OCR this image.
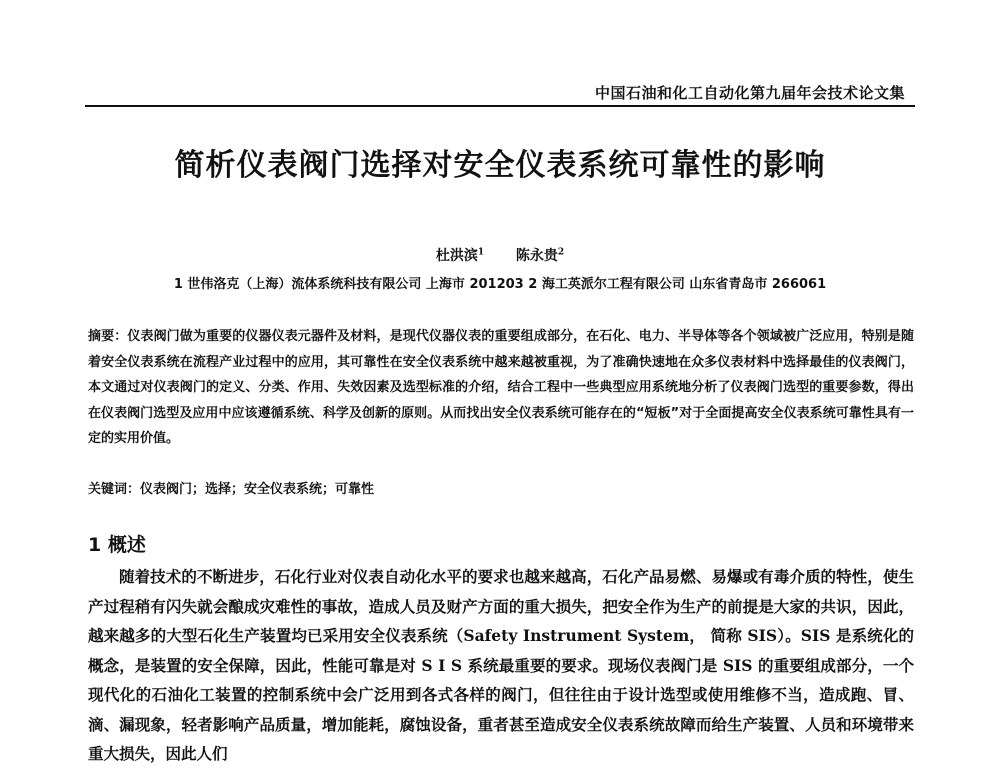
中国石油和化工自动化第九届年会技术论文集
简析仪表阀门选择对安全仪表系统可靠性的影响
杜洪滨$^1$ 陈永贵$^2$
1 世伟洛克（上海）流体系统科技有限公司 上海市 201203 2 海工英派尔工程有限公司 山东省青岛市 266061
摘要：仪表阀门做为重要的仪器仪表元器件及材料，是现代仪器仪表的重要组成部分，在石化、电力、半导体等各个领域被广泛应用，特别是随着安全仪表系统在流程产业过程中的应用，其可靠性在安全仪表系统中越来越被重视，为了准确快速地在众多仪表材料中选择最佳的仪表阀门，本文通过对仪表阀门的定义、分类、作用、失效因素及选型标准的介绍，结合工程中一些典型应用系统地分析了仪表阀门选型的重要参数，得出在仪表阀门选型及应用中应该遵循系统、科学及创新的原则。从而找出安全仪表系统可能存在的“短板”对于全面提高安全仪表系统可靠性具有一定的实用价值。
关键词：仪表阀门；选择；安全仪表系统；可靠性
1 概述
随着技术的不断进步，石化行业对仪表自动化水平的要求也越来越高，石化产品易燃、易爆或有毒介质的特性，使生产过程稍有闪失就会酿成灾难性的事故，造成人员及财产方面的重大损失，把安全作为生产的前提是大家的共识，因此，越来越多的大型石化生产装置均已采用安全仪表系统（Safety Instrument System， 简称 SIS）。SIS 是系统化的概念，是装置的安全保障，因此，性能可靠是对 S I S 系统最重要的要求。现场仪表阀门是 SIS 的重要组成部分，一个现代化的石油化工装置的控制系统中会广泛用到各式各样的阀门，但往往由于设计选型或使用维修不当，造成跑、冒、滴、漏现象，轻者影响产品质量，增加能耗，腐蚀设备，重者甚至造成安全仪表系统故障而给生产装置、人员和环境带来重大损失，因此人们
